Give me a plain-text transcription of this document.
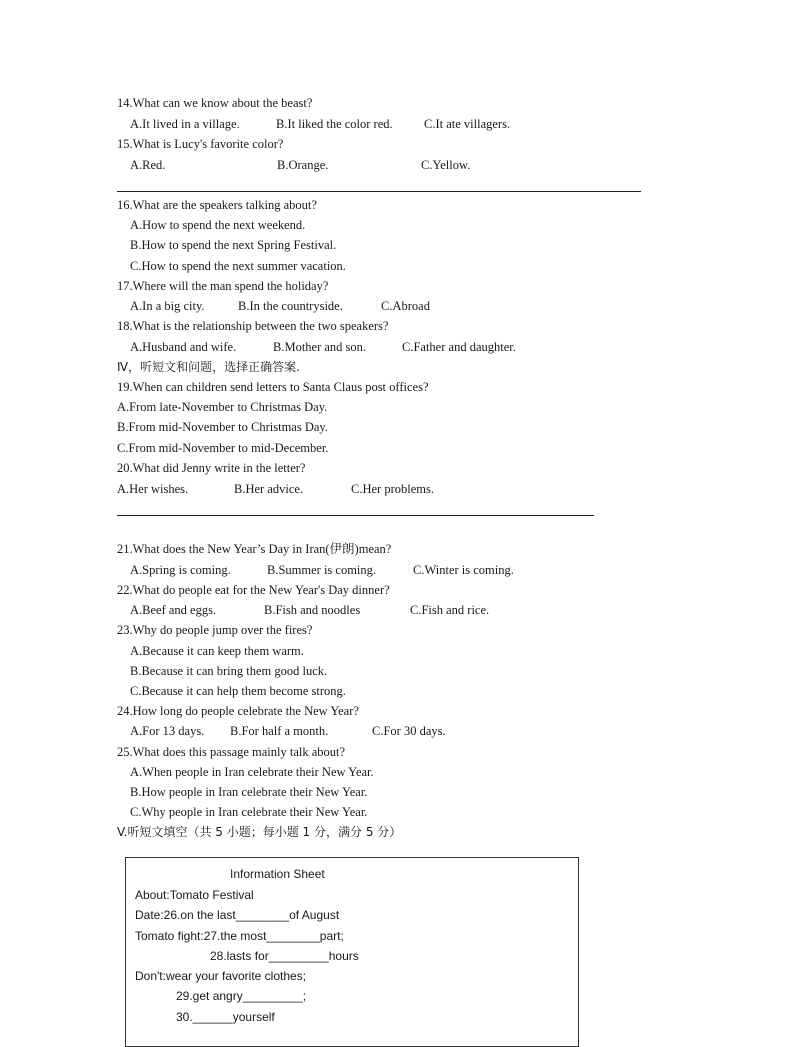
14.What can we know about the beast?
A.It lived in a village.	B.It liked the color red.	C.It ate villagers.
15.What is Lucy's favorite color?
A.Red.	B.Orange.	C.Yellow.
16.What are the speakers talking about?
A.How to spend the next weekend.
B.How to spend the next Spring Festival.
C.How to spend the next summer vacation.
17.Where will the man spend the holiday?
A.In a big city.	B.In the countryside.	C.Abroad
18.What is the relationship between the two speakers?
A.Husband and wife.	B.Mother and son.	C.Father and daughter.
Ⅳ，听短文和问题，选择正确答案.
19.When can children send letters to Santa Claus post offices?
A.From late-November to Christmas Day.
B.From mid-November to Christmas Day.
C.From mid-November to mid-December.
20.What did Jenny write in the letter?
A.Her wishes.	B.Her advice.	C.Her problems.
21.What does the New Year’s Day in Iran(伊朗)mean?
A.Spring is coming.	B.Summer is coming.	C.Winter is coming.
22.What do people eat for the New Year's Day dinner?
A.Beef and eggs.	B.Fish and noodles	C.Fish and rice.
23.Why do people jump over the fires?
A.Because it can keep them warm.
B.Because it can bring them good luck.
C.Because it can help them become strong.
24.How long do people celebrate the New Year?
A.For 13 days. B.For half a month.	C.For 30 days.
25.What does this passage mainly talk about?
A.When people in Iran celebrate their New Year.
B.How people in Iran celebrate their New Year.
C.Why people in Iran celebrate their New Year.
V.听短文填空（共 5 小题；每小题 1 分，满分 5 分）
Information Sheet
About:Tomato Festival
Date:26.on the last________of August
Tomato fight:27.the most________part;
28.lasts for_________hours
Don't:wear your favorite clothes;
29.get angry_________;
30.______yourself
